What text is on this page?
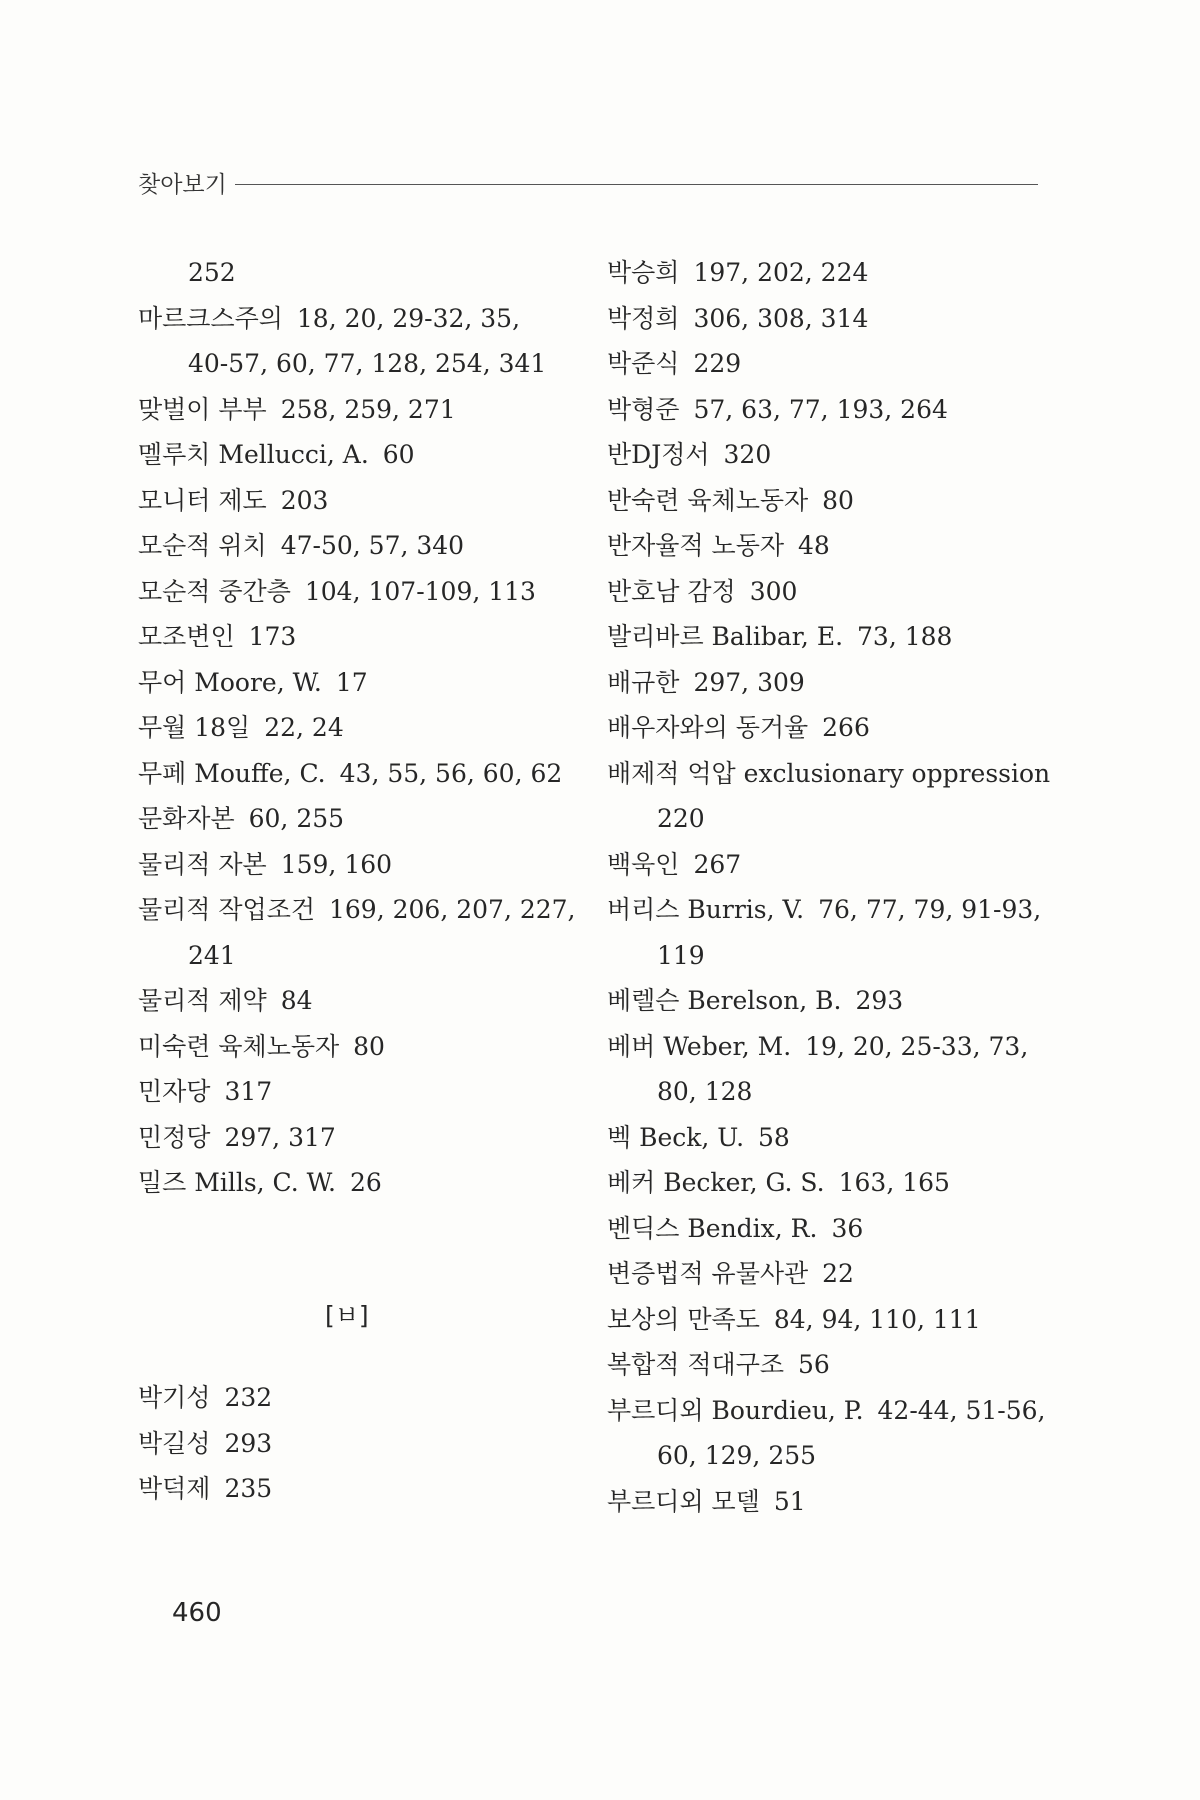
찾아보기
252
마르크스주의 18, 20, 29-32, 35,
40-57, 60, 77, 128, 254, 341
맞벌이 부부 258, 259, 271
멜루치 Mellucci, A. 60
모니터 제도 203
모순적 위치 47-50, 57, 340
모순적 중간층 104, 107-109, 113
모조변인 173
무어 Moore, W. 17
무월 18일 22, 24
무페 Mouffe, C. 43, 55, 56, 60, 62
문화자본 60, 255
물리적 자본 159, 160
물리적 작업조건 169, 206, 207, 227,
241
물리적 제약 84
미숙련 육체노동자 80
민자당 317
민정당 297, 317
밀즈 Mills, C. W. 26
[ㅂ]
박기성 232
박길성 293
박덕제 235
박승희 197, 202, 224
박정희 306, 308, 314
박준식 229
박형준 57, 63, 77, 193, 264
반DJ정서 320
반숙련 육체노동자 80
반자율적 노동자 48
반호남 감정 300
발리바르 Balibar, E. 73, 188
배규한 297, 309
배우자와의 동거율 266
배제적 억압 exclusionary oppression
220
백욱인 267
버리스 Burris, V. 76, 77, 79, 91-93,
119
베렐슨 Berelson, B. 293
베버 Weber, M. 19, 20, 25-33, 73,
80, 128
벡 Beck, U. 58
베커 Becker, G. S. 163, 165
벤딕스 Bendix, R. 36
변증법적 유물사관 22
보상의 만족도 84, 94, 110, 111
복합적 적대구조 56
부르디외 Bourdieu, P. 42-44, 51-56,
60, 129, 255
부르디외 모델 51
460
